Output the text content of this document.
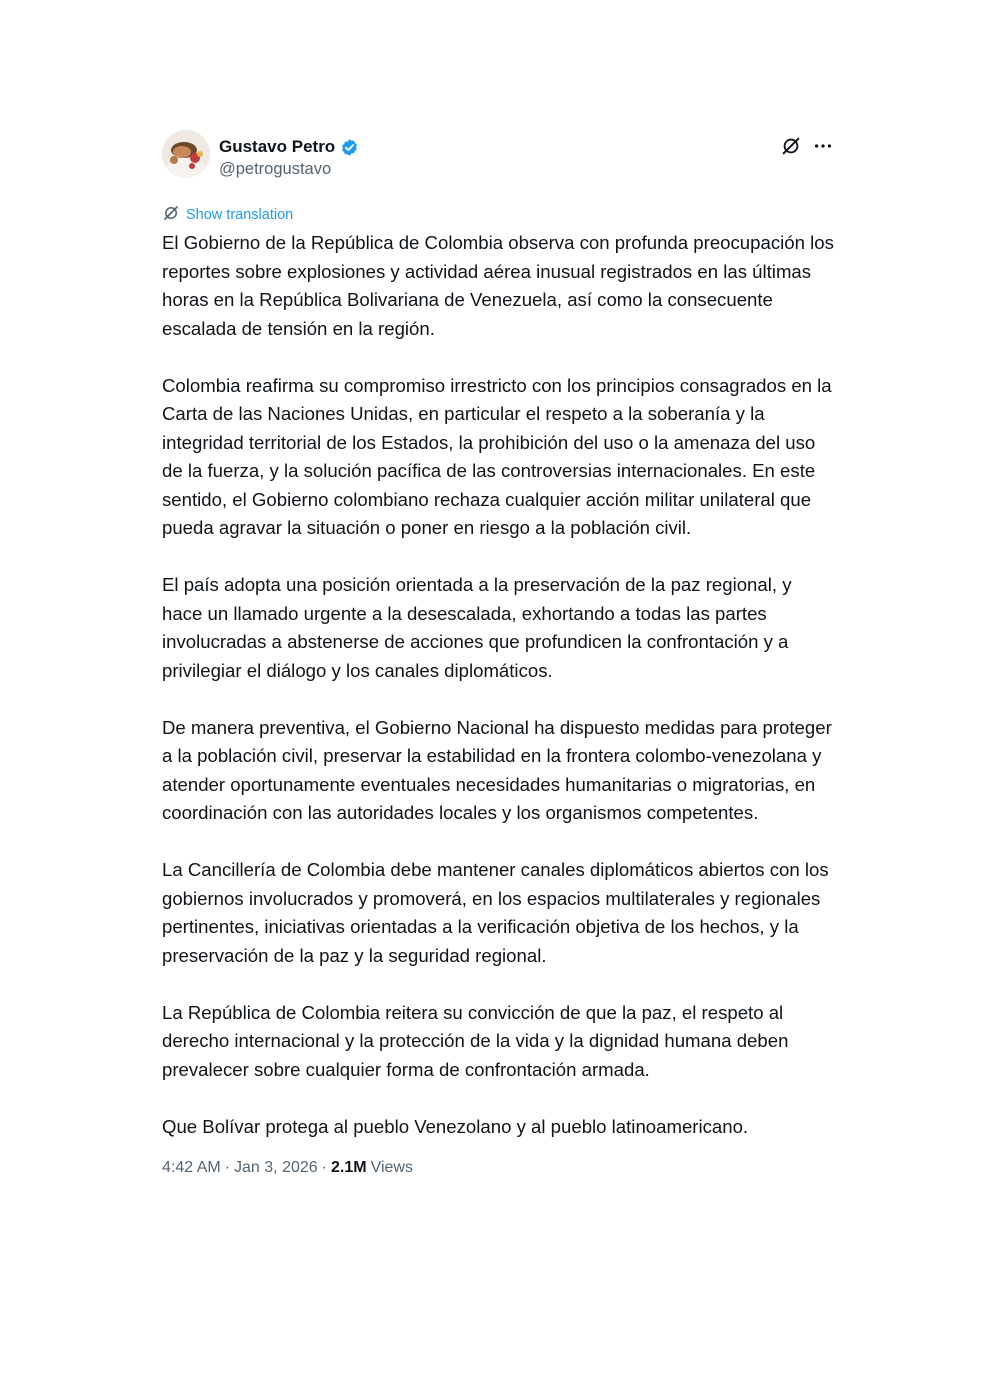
Gustavo Petro
@petrogustavo
Show translation

El Gobierno de la República de Colombia observa con profunda preocupación los reportes sobre explosiones y actividad aérea inusual registrados en las últimas horas en la República Bolivariana de Venezuela, así como la consecuente escalada de tensión en la región.

Colombia reafirma su compromiso irrestricto con los principios consagrados en la Carta de las Naciones Unidas, en particular el respeto a la soberanía y la integridad territorial de los Estados, la prohibición del uso o la amenaza del uso de la fuerza, y la solución pacífica de las controversias internacionales. En este sentido, el Gobierno colombiano rechaza cualquier acción militar unilateral que pueda agravar la situación o poner en riesgo a la población civil.

El país adopta una posición orientada a la preservación de la paz regional, y hace un llamado urgente a la desescalada, exhortando a todas las partes involucradas a abstenerse de acciones que profundicen la confrontación y a privilegiar el diálogo y los canales diplomáticos.

De manera preventiva, el Gobierno Nacional ha dispuesto medidas para proteger a la población civil, preservar la estabilidad en la frontera colombo-venezolana y atender oportunamente eventuales necesidades humanitarias o migratorias, en coordinación con las autoridades locales y los organismos competentes.

La Cancillería de Colombia debe mantener canales diplomáticos abiertos con los gobiernos involucrados y promoverá, en los espacios multilaterales y regionales pertinentes, iniciativas orientadas a la verificación objetiva de los hechos, y la preservación de la paz y la seguridad regional.

La República de Colombia reitera su convicción de que la paz, el respeto al derecho internacional y la protección de la vida y la dignidad humana deben prevalecer sobre cualquier forma de confrontación armada.

Que Bolívar protega al pueblo Venezolano y al pueblo latinoamericano.

4:42 AM · Jan 3, 2026 · 2.1M Views
